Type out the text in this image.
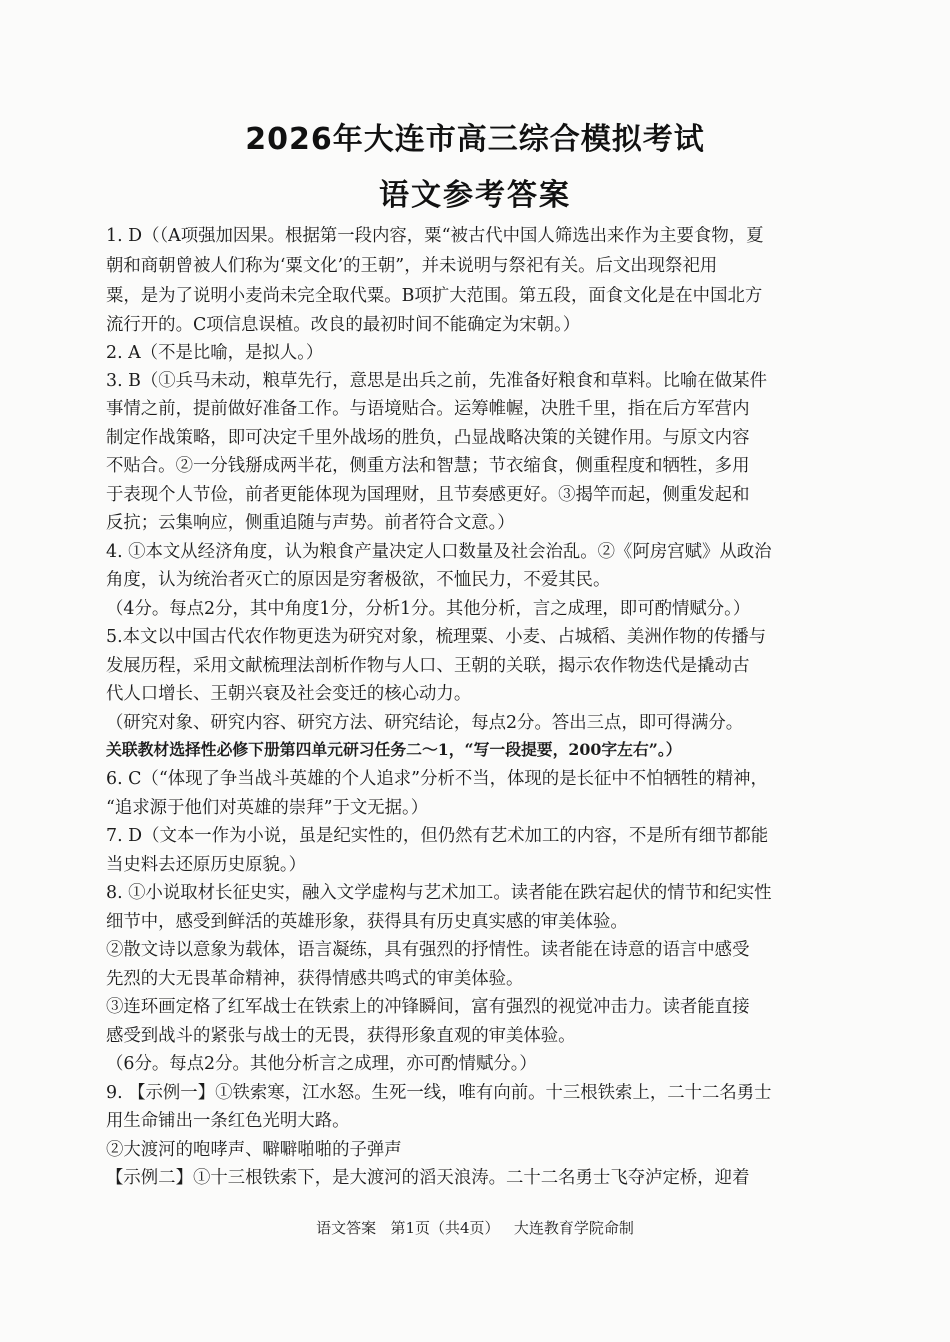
2026年大连市高三综合模拟考试
语文参考答案
1. D（（A项强加因果。根据第一段内容，粟“被古代中国人筛选出来作为主要食物，夏
朝和商朝曾被人们称为‘粟文化’的王朝”，并未说明与祭祀有关。后文出现祭祀用
粟，是为了说明小麦尚未完全取代粟。B项扩大范围。第五段，面食文化是在中国北方
流行开的。C项信息误植。改良的最初时间不能确定为宋朝。）
2. A（不是比喻，是拟人。）
3. B（①兵马未动，粮草先行，意思是出兵之前，先准备好粮食和草料。比喻在做某件
事情之前，提前做好准备工作。与语境贴合。运筹帷幄，决胜千里，指在后方军营内
制定作战策略，即可决定千里外战场的胜负，凸显战略决策的关键作用。与原文内容
不贴合。②一分钱掰成两半花，侧重方法和智慧；节衣缩食，侧重程度和牺牲，多用
于表现个人节俭，前者更能体现为国理财，且节奏感更好。③揭竿而起，侧重发起和
反抗；云集响应，侧重追随与声势。前者符合文意。）
4. ①本文从经济角度，认为粮食产量决定人口数量及社会治乱。②《阿房宫赋》从政治
角度，认为统治者灭亡的原因是穷奢极欲，不恤民力，不爱其民。
（4分。每点2分，其中角度1分，分析1分。其他分析，言之成理，即可酌情赋分。）
5.本文以中国古代农作物更迭为研究对象，梳理粟、小麦、占城稻、美洲作物的传播与
发展历程，采用文献梳理法剖析作物与人口、王朝的关联，揭示农作物迭代是撬动古
代人口增长、王朝兴衰及社会变迁的核心动力。
（研究对象、研究内容、研究方法、研究结论，每点2分。答出三点，即可得满分。
关联教材选择性必修下册第四单元研习任务二～1，“写一段提要，200字左右”。）
6. C（“体现了争当战斗英雄的个人追求”分析不当，体现的是长征中不怕牺牲的精神，
“追求源于他们对英雄的崇拜”于文无据。）
7. D（文本一作为小说，虽是纪实性的，但仍然有艺术加工的内容，不是所有细节都能
当史料去还原历史原貌。）
8. ①小说取材长征史实，融入文学虚构与艺术加工。读者能在跌宕起伏的情节和纪实性
细节中，感受到鲜活的英雄形象，获得具有历史真实感的审美体验。
②散文诗以意象为载体，语言凝练，具有强烈的抒情性。读者能在诗意的语言中感受
先烈的大无畏革命精神，获得情感共鸣式的审美体验。
③连环画定格了红军战士在铁索上的冲锋瞬间，富有强烈的视觉冲击力。读者能直接
感受到战斗的紧张与战士的无畏，获得形象直观的审美体验。
（6分。每点2分。其他分析言之成理，亦可酌情赋分。）
9. 【示例一】①铁索寒，江水怒。生死一线，唯有向前。十三根铁索上，二十二名勇士
用生命铺出一条红色光明大路。
②大渡河的咆哮声、噼噼啪啪的子弹声
【示例二】①十三根铁索下，是大渡河的滔天浪涛。二十二名勇士飞夺泸定桥，迎着
语文答案   第1页（共4页）   大连教育学院命制
